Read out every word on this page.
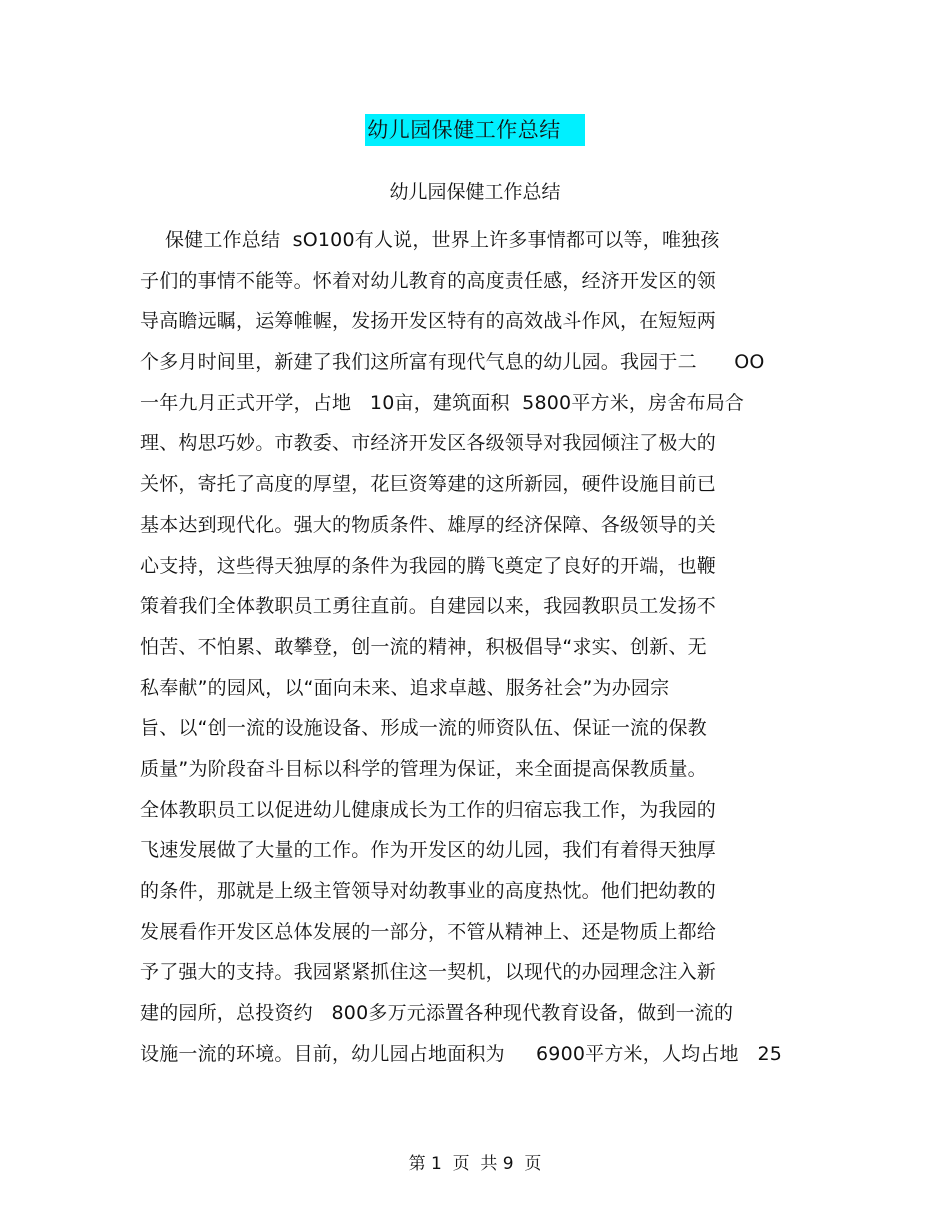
幼儿园保健工作总结
幼儿园保健工作总结
保健工作总结  sO100有人说，世界上许多事情都可以等，唯独孩
子们的事情不能等。怀着对幼儿教育的高度责任感，经济开发区的领
导高瞻远瞩，运筹帷幄，发扬开发区特有的高效战斗作风，在短短两
个多月时间里，新建了我们这所富有现代气息的幼儿园。我园于二      OO
一年九月正式开学，占地   10亩，建筑面积  5800平方米，房舍布局合
理、构思巧妙。市教委、市经济开发区各级领导对我园倾注了极大的
关怀，寄托了高度的厚望，花巨资筹建的这所新园，硬件设施目前已
基本达到现代化。强大的物质条件、雄厚的经济保障、各级领导的关
心支持，这些得天独厚的条件为我园的腾飞奠定了良好的开端，也鞭
策着我们全体教职员工勇往直前。自建园以来，我园教职员工发扬不
怕苦、不怕累、敢攀登，创一流的精神，积极倡导“求实、创新、无
私奉献”的园风，以“面向未来、追求卓越、服务社会”为办园宗
旨、以“创一流的设施设备、形成一流的师资队伍、保证一流的保教
质量”为阶段奋斗目标以科学的管理为保证，来全面提高保教质量。
全体教职员工以促进幼儿健康成长为工作的归宿忘我工作，为我园的
飞速发展做了大量的工作。作为开发区的幼儿园，我们有着得天独厚
的条件，那就是上级主管领导对幼教事业的高度热忱。他们把幼教的
发展看作开发区总体发展的一部分，不管从精神上、还是物质上都给
予了强大的支持。我园紧紧抓住这一契机，以现代的办园理念注入新
建的园所，总投资约   800多万元添置各种现代教育设备，做到一流的
设施一流的环境。目前，幼儿园占地面积为     6900平方米，人均占地   25
第 1  页  共 9  页
